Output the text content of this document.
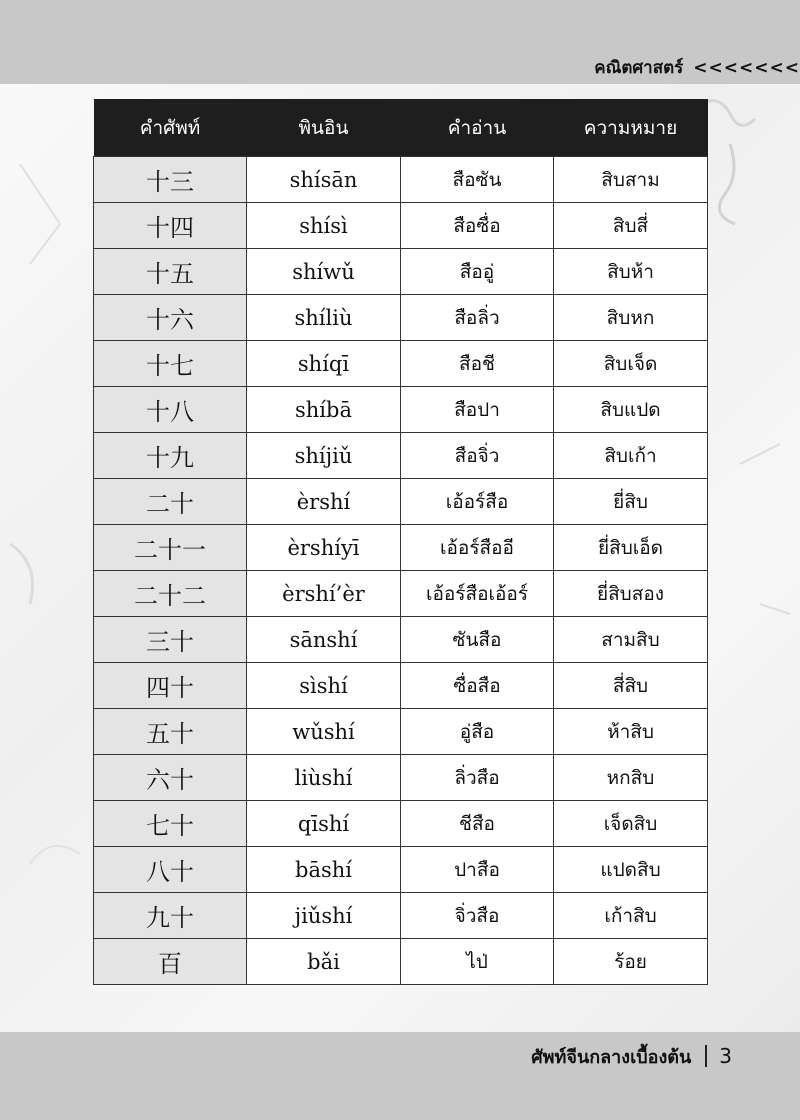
คณิตศาสตร์ <<<<<<<
คำศัพท์	พินอิน	คำอ่าน	ความหมาย
十三	shísān	สือซัน	สิบสาม
十四	shísì	สือซื่อ	สิบสี่
十五	shíwǔ	สืออู่	สิบห้า
十六	shíliù	สือลิ่ว	สิบหก
十七	shíqī	สือชี	สิบเจ็ด
十八	shíbā	สือปา	สิบแปด
十九	shíjiǔ	สือจิ่ว	สิบเก้า
二十	èrshí	เอ้อร์สือ	ยี่สิบ
二十一	èrshíyī	เอ้อร์สืออี	ยี่สิบเอ็ด
二十二	èrshí’èr	เอ้อร์สือเอ้อร์	ยี่สิบสอง
三十	sānshí	ซันสือ	สามสิบ
四十	sìshí	ซื่อสือ	สี่สิบ
五十	wǔshí	อู่สือ	ห้าสิบ
六十	liùshí	ลิ่วสือ	หกสิบ
七十	qīshí	ชีสือ	เจ็ดสิบ
八十	bāshí	ปาสือ	แปดสิบ
九十	jiǔshí	จิ่วสือ	เก้าสิบ
百	bǎi	ไป่	ร้อย
ศัพท์จีนกลางเบื้องต้น 3
